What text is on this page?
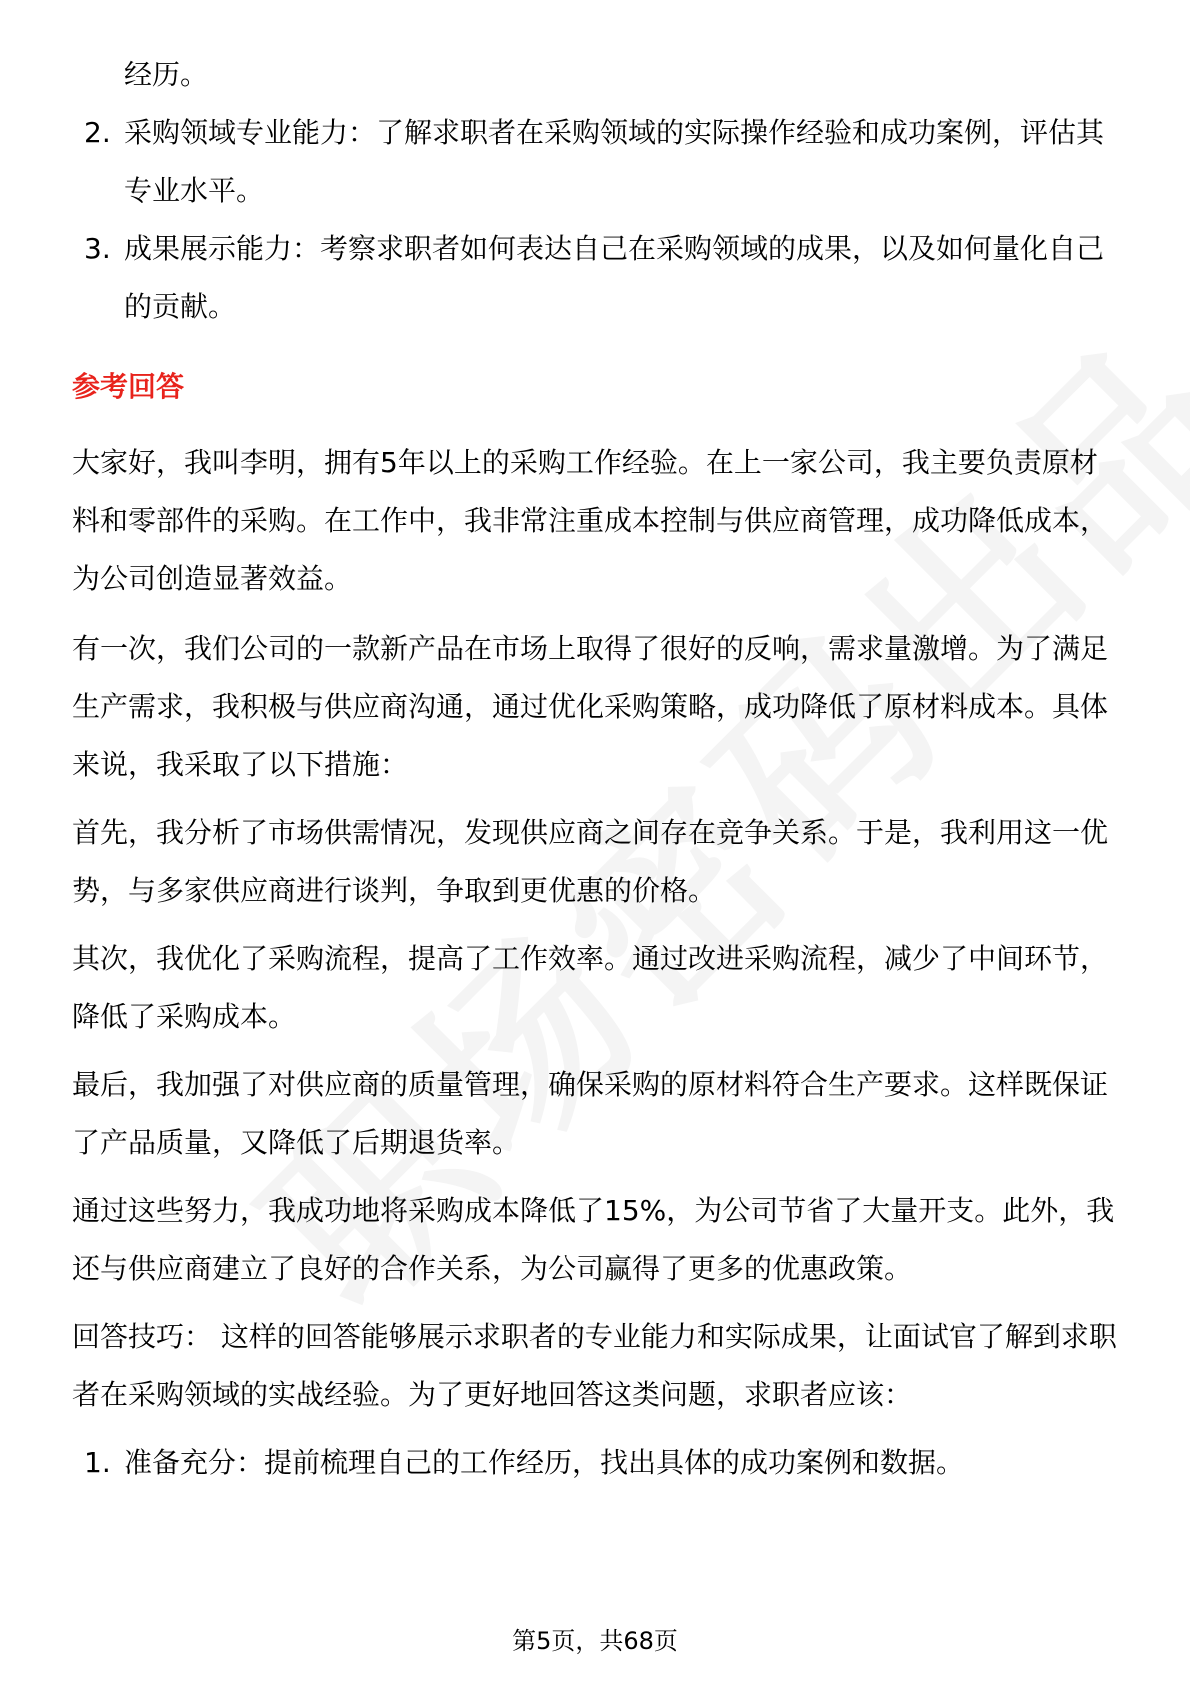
经历。
2. 采购领域专业能力：了解求职者在采购领域的实际操作经验和成功案例，评估其专业水平。
3. 成果展示能力：考察求职者如何表达自己在采购领域的成果，以及如何量化自己的贡献。
参考回答
大家好，我叫李明，拥有5年以上的采购工作经验。在上一家公司，我主要负责原材料和零部件的采购。在工作中，我非常注重成本控制与供应商管理，成功降低成本，为公司创造显著效益。
有一次，我们公司的一款新产品在市场上取得了很好的反响，需求量激增。为了满足生产需求，我积极与供应商沟通，通过优化采购策略，成功降低了原材料成本。具体来说，我采取了以下措施：
首先，我分析了市场供需情况，发现供应商之间存在竞争关系。于是，我利用这一优势，与多家供应商进行谈判，争取到更优惠的价格。
其次，我优化了采购流程，提高了工作效率。通过改进采购流程，减少了中间环节，降低了采购成本。
最后，我加强了对供应商的质量管理，确保采购的原材料符合生产要求。这样既保证了产品质量，又降低了后期退货率。
通过这些努力，我成功地将采购成本降低了15%，为公司节省了大量开支。此外，我还与供应商建立了良好的合作关系，为公司赢得了更多的优惠政策。
回答技巧： 这样的回答能够展示求职者的专业能力和实际成果，让面试官了解到求职者在采购领域的实战经验。为了更好地回答这类问题，求职者应该：
1. 准备充分：提前梳理自己的工作经历，找出具体的成功案例和数据。
第5页，共68页
